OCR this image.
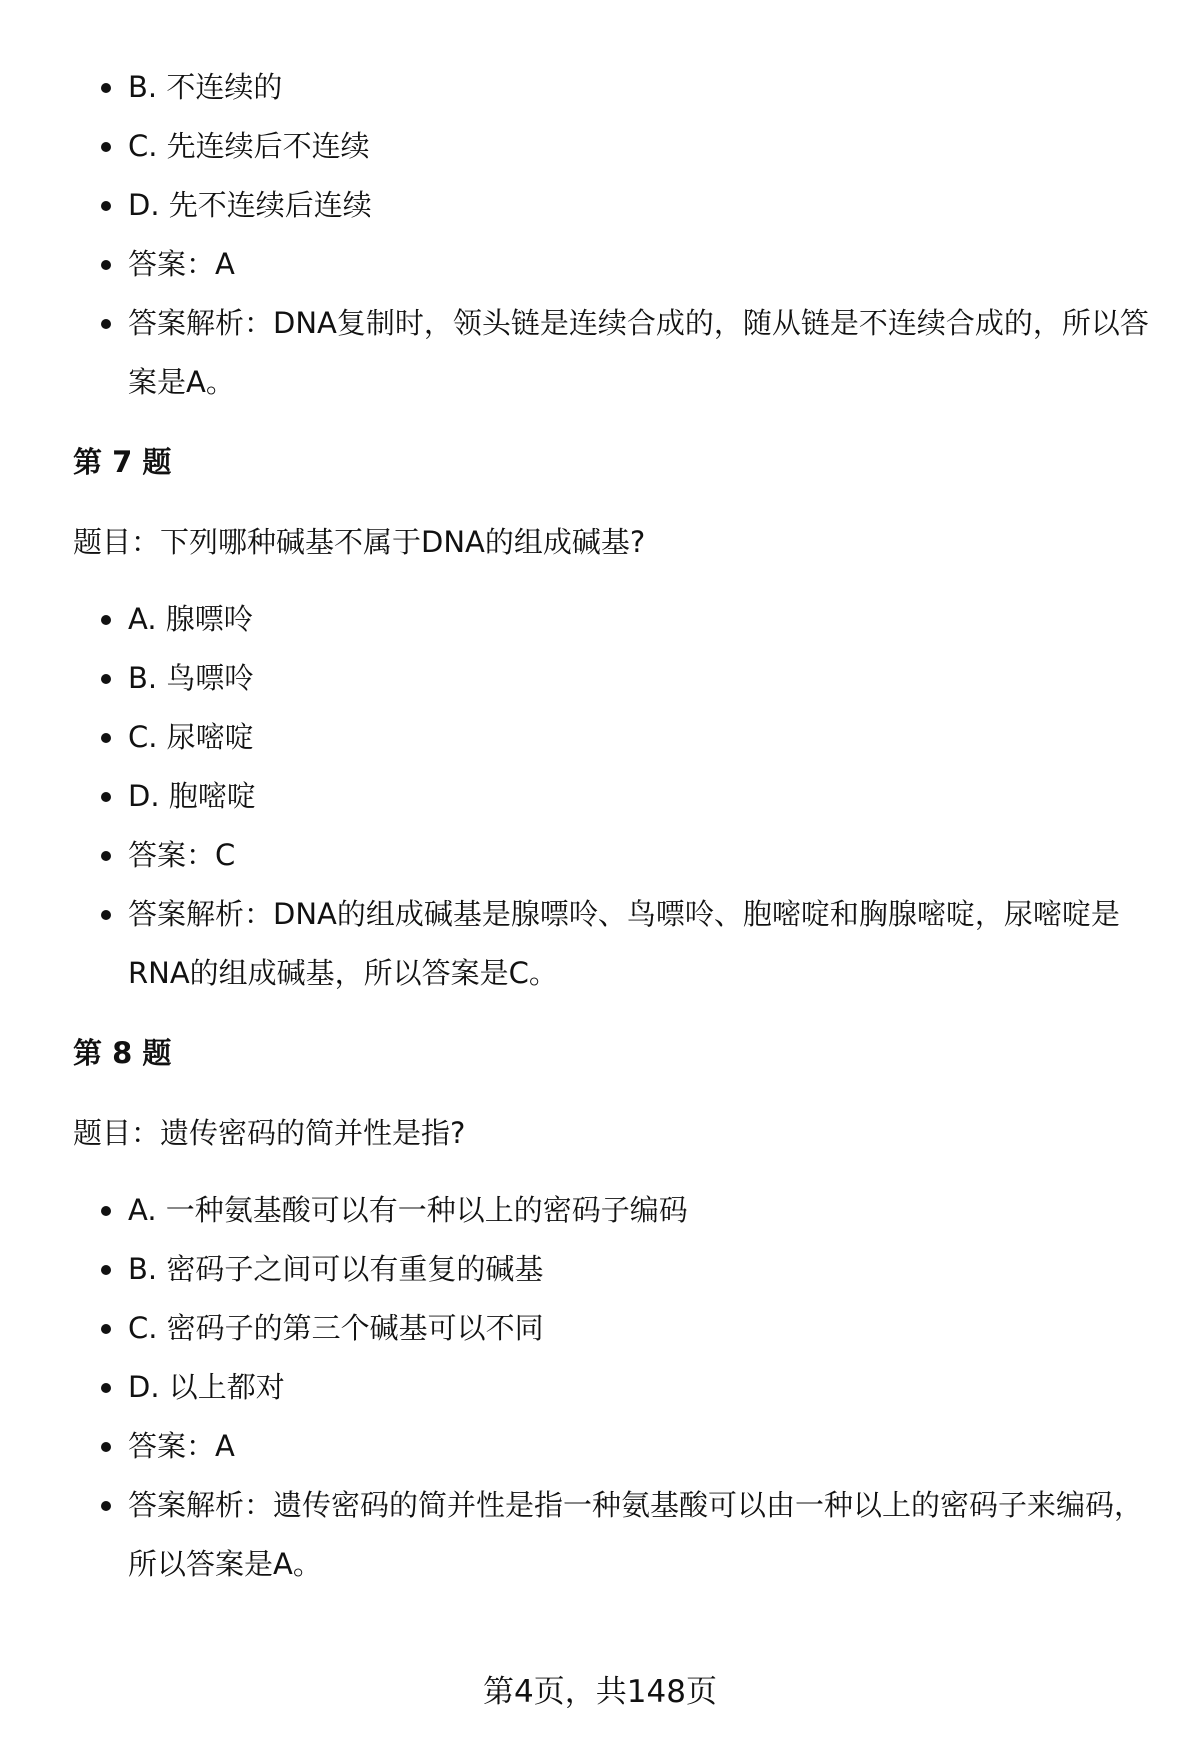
B. 不连续的
C. 先连续后不连续
D. 先不连续后连续
答案：A
答案解析：DNA复制时，领头链是连续合成的，随从链是不连续合成的，所以答案是A。
第 7 题
题目：下列哪种碱基不属于DNA的组成碱基?
A. 腺嘌呤
B. 鸟嘌呤
C. 尿嘧啶
D. 胞嘧啶
答案：C
答案解析：DNA的组成碱基是腺嘌呤、鸟嘌呤、胞嘧啶和胸腺嘧啶，尿嘧啶是RNA的组成碱基，所以答案是C。
第 8 题
题目：遗传密码的简并性是指?
A. 一种氨基酸可以有一种以上的密码子编码
B. 密码子之间可以有重复的碱基
C. 密码子的第三个碱基可以不同
D. 以上都对
答案：A
答案解析：遗传密码的简并性是指一种氨基酸可以由一种以上的密码子来编码，所以答案是A。
第4页，共148页
